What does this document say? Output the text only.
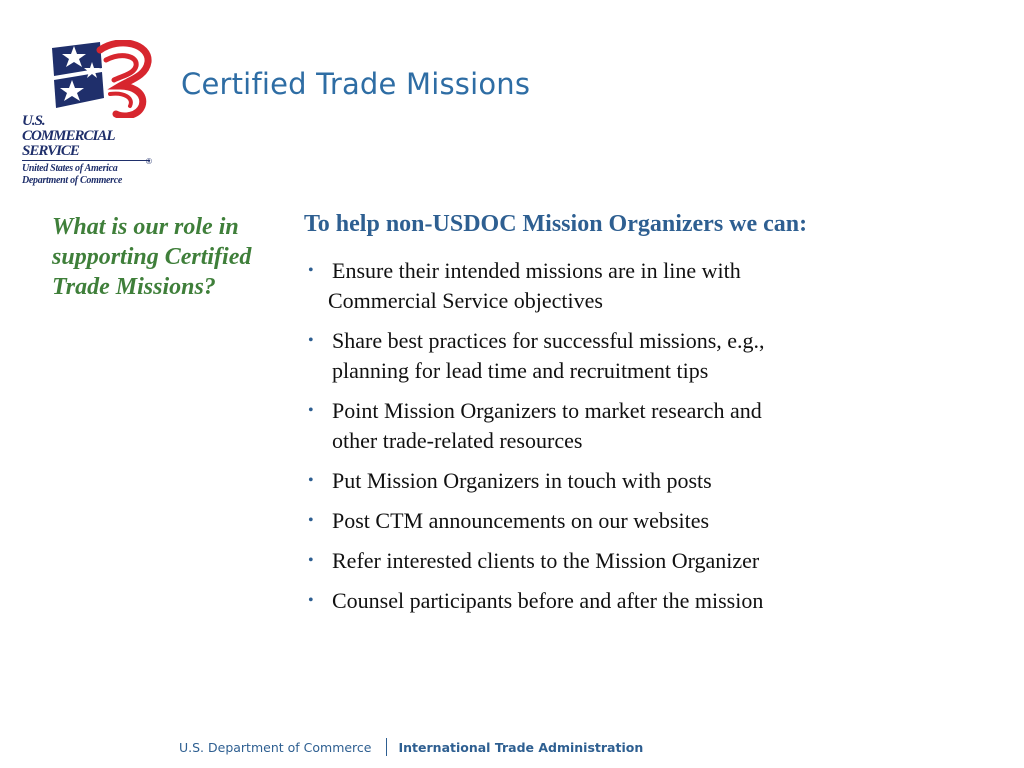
U.S.
COMMERCIAL
SERVICE
United States of America
Department of Commerce
®
Certified Trade Missions
What is our role in supporting Certified Trade Missions?
To help non-USDOC Mission Organizers we can:
• Ensure their intended missions are in line with
Commercial Service objectives
• Share best practices for successful missions, e.g.,
planning for lead time and recruitment tips
• Point Mission Organizers to market research and
other trade-related resources
• Put Mission Organizers in touch with posts
• Post CTM announcements on our websites
• Refer interested clients to the Mission Organizer
• Counsel participants before and after the mission
U.S. Department of Commerce International Trade Administration
